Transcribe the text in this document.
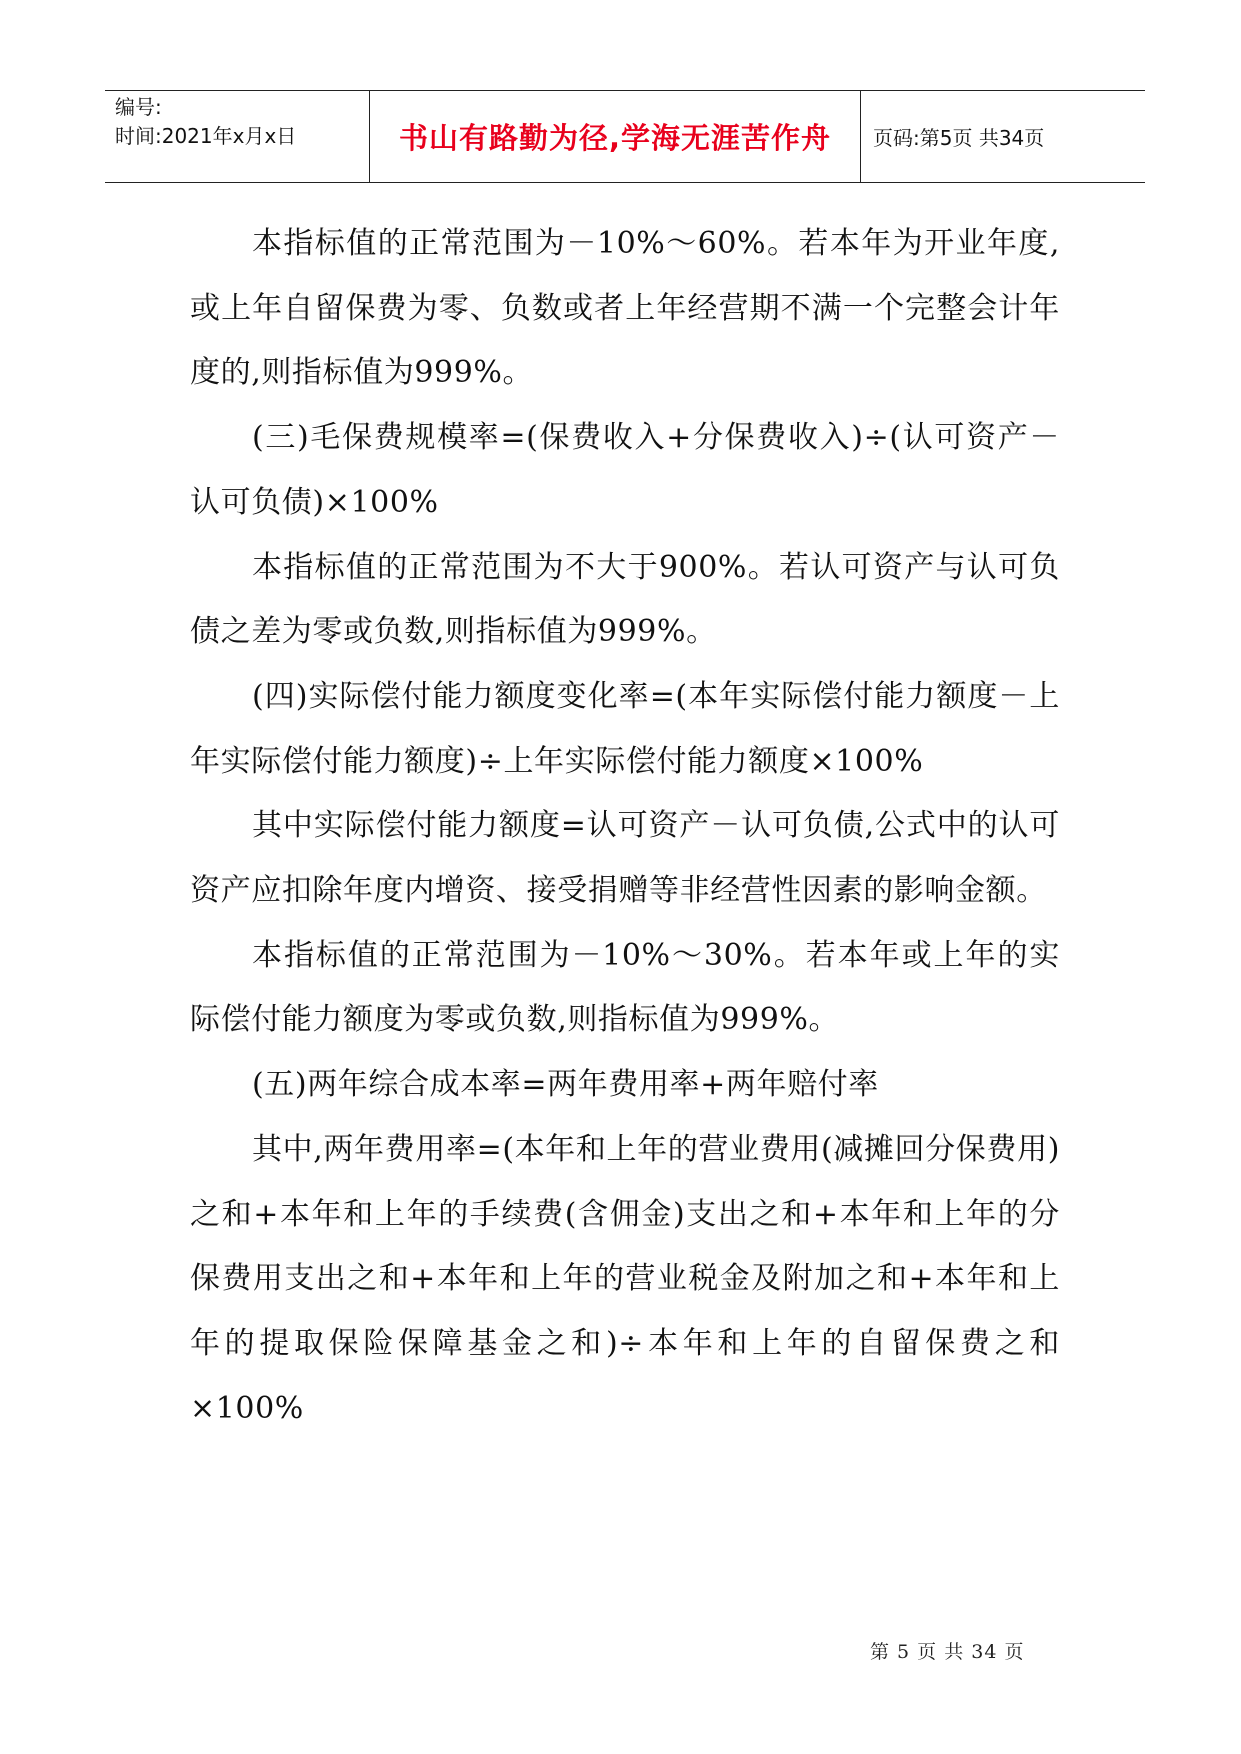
编号:
时间:2021年x月x日	书山有路勤为径,学海无涯苦作舟	页码:第5页 共34页

本指标值的正常范围为－10%～60%。若本年为开业年度,或上年自留保费为零、负数或者上年经营期不满一个完整会计年度的,则指标值为999%。

(三)毛保费规模率=(保费收入+分保费收入)÷(认可资产－认可负债)×100%

本指标值的正常范围为不大于900%。若认可资产与认可负债之差为零或负数,则指标值为999%。

(四)实际偿付能力额度变化率=(本年实际偿付能力额度－上年实际偿付能力额度)÷上年实际偿付能力额度×100%

其中实际偿付能力额度=认可资产－认可负债,公式中的认可资产应扣除年度内增资、接受捐赠等非经营性因素的影响金额。

本指标值的正常范围为－10%～30%。若本年或上年的实际偿付能力额度为零或负数,则指标值为999%。

(五)两年综合成本率=两年费用率+两年赔付率

其中,两年费用率=(本年和上年的营业费用(减摊回分保费用)之和+本年和上年的手续费(含佣金)支出之和+本年和上年的分保费用支出之和+本年和上年的营业税金及附加之和+本年和上年的提取保险保障基金之和)÷本年和上年的自留保费之和×100%

第 5 页 共 34 页
